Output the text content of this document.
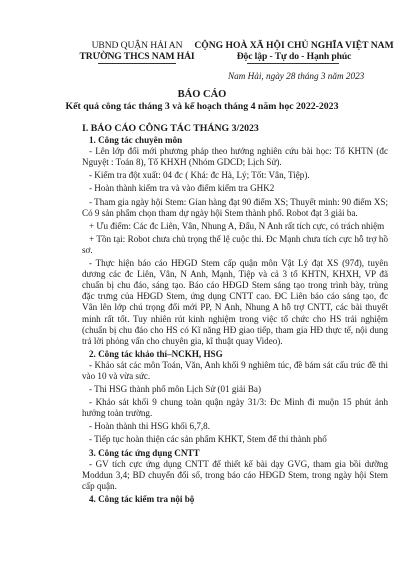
UBND QUẬN HẢI AN
TRƯỜNG THCS NAM HẢI
CỘNG HOÀ XÃ HỘI CHỦ NGHĨA VIỆT NAM
Độc lập - Tự do - Hạnh phúc
Nam Hải, ngày 28 tháng 3 năm 2023
BÁO CÁO
Kết quả công tác tháng 3 và kế hoạch tháng 4 năm học 2022-2023
I. BÁO CÁO CÔNG TÁC THÁNG 3/2023
1. Công tác chuyên môn
- Lên lớp đổi mới phương pháp theo hướng nghiên cứu bài học: Tổ KHTN (đc Nguyệt : Toán 8), Tổ KHXH (Nhóm GDCD; Lịch Sử).
- Kiểm tra đột xuất: 04 đc ( Khá: đc Hà, Lý; Tốt: Vân, Tiệp).
- Hoàn thành kiểm tra và vào điểm kiểm tra GHK2
- Tham gia ngày hội Stem: Gian hàng đạt 90 điểm XS; Thuyết minh: 90 điểm XS; Có 9 sản phẩm chọn tham dự ngày hội Stem thành phố. Robot đạt 3 giải ba.
+ Ưu điểm: Các đc Liên, Vân, Nhung A, Đẩu, N Anh rất tích cực, có trách nhiệm
+ Tồn tại: Robot chưa chủ trọng thể lệ cuộc thi. Đc Mạnh chưa tích cực hỗ trợ hồ sơ.
- Thực hiện báo cáo HĐGD Stem cấp quận môn Vật Lý đạt XS (97đ), tuyên dương các đc Liên, Vân, N Anh, Mạnh, Tiệp và cả 3 tổ KHTN, KHXH, VP đã chuẩn bị chu đáo, sáng tạo. Báo cáo HĐGD Stem sáng tạo trong trình bày, trùng đặc trưng của HĐGD Stem, ứng dụng CNTT cao. ĐC Liên báo cáo sáng tạo, đc Vân lên lớp chú trọng đổi mới PP, N Anh, Nhung A hỗ trợ CNTT, các bài thuyết minh rất tốt. Tuy nhiên rút kinh nghiệm trong việc tổ chức cho HS trải nghiệm (chuẩn bị chu đáo cho HS có Kĩ năng HĐ giao tiếp, tham gia HĐ thực tế, nội dung trả lời phỏng vấn cho chuyên gia, kĩ thuật quay Video).
2. Công tác khảo thí–NCKH, HSG
- Khảo sát các môn Toán, Văn, Anh khối 9 nghiêm túc, đề bám sát cấu trúc đề thi vào 10 và vừa sức.
- Thi HSG thành phố môn Lịch Sử (01 giải Ba)
- Khảo sát khối 9 chung toàn quận ngày 31/3: Đc Minh đi muộn 15 phút ảnh hưởng toàn trường.
- Hoàn thành thi HSG khối 6,7,8.
- Tiếp tục hoàn thiện các sản phẩm KHKT, Stem để thi thành phố
3. Công tác ứng dụng CNTT
- GV tích cực ứng dụng CNTT để thiết kế bài dạy GVG, tham gia bồi dưỡng Moddun 3,4; BD chuyển đổi số, trong báo cáo HĐGD Stem, trong ngày hội Stem cấp quận.
4. Công tác kiểm tra nội bộ
